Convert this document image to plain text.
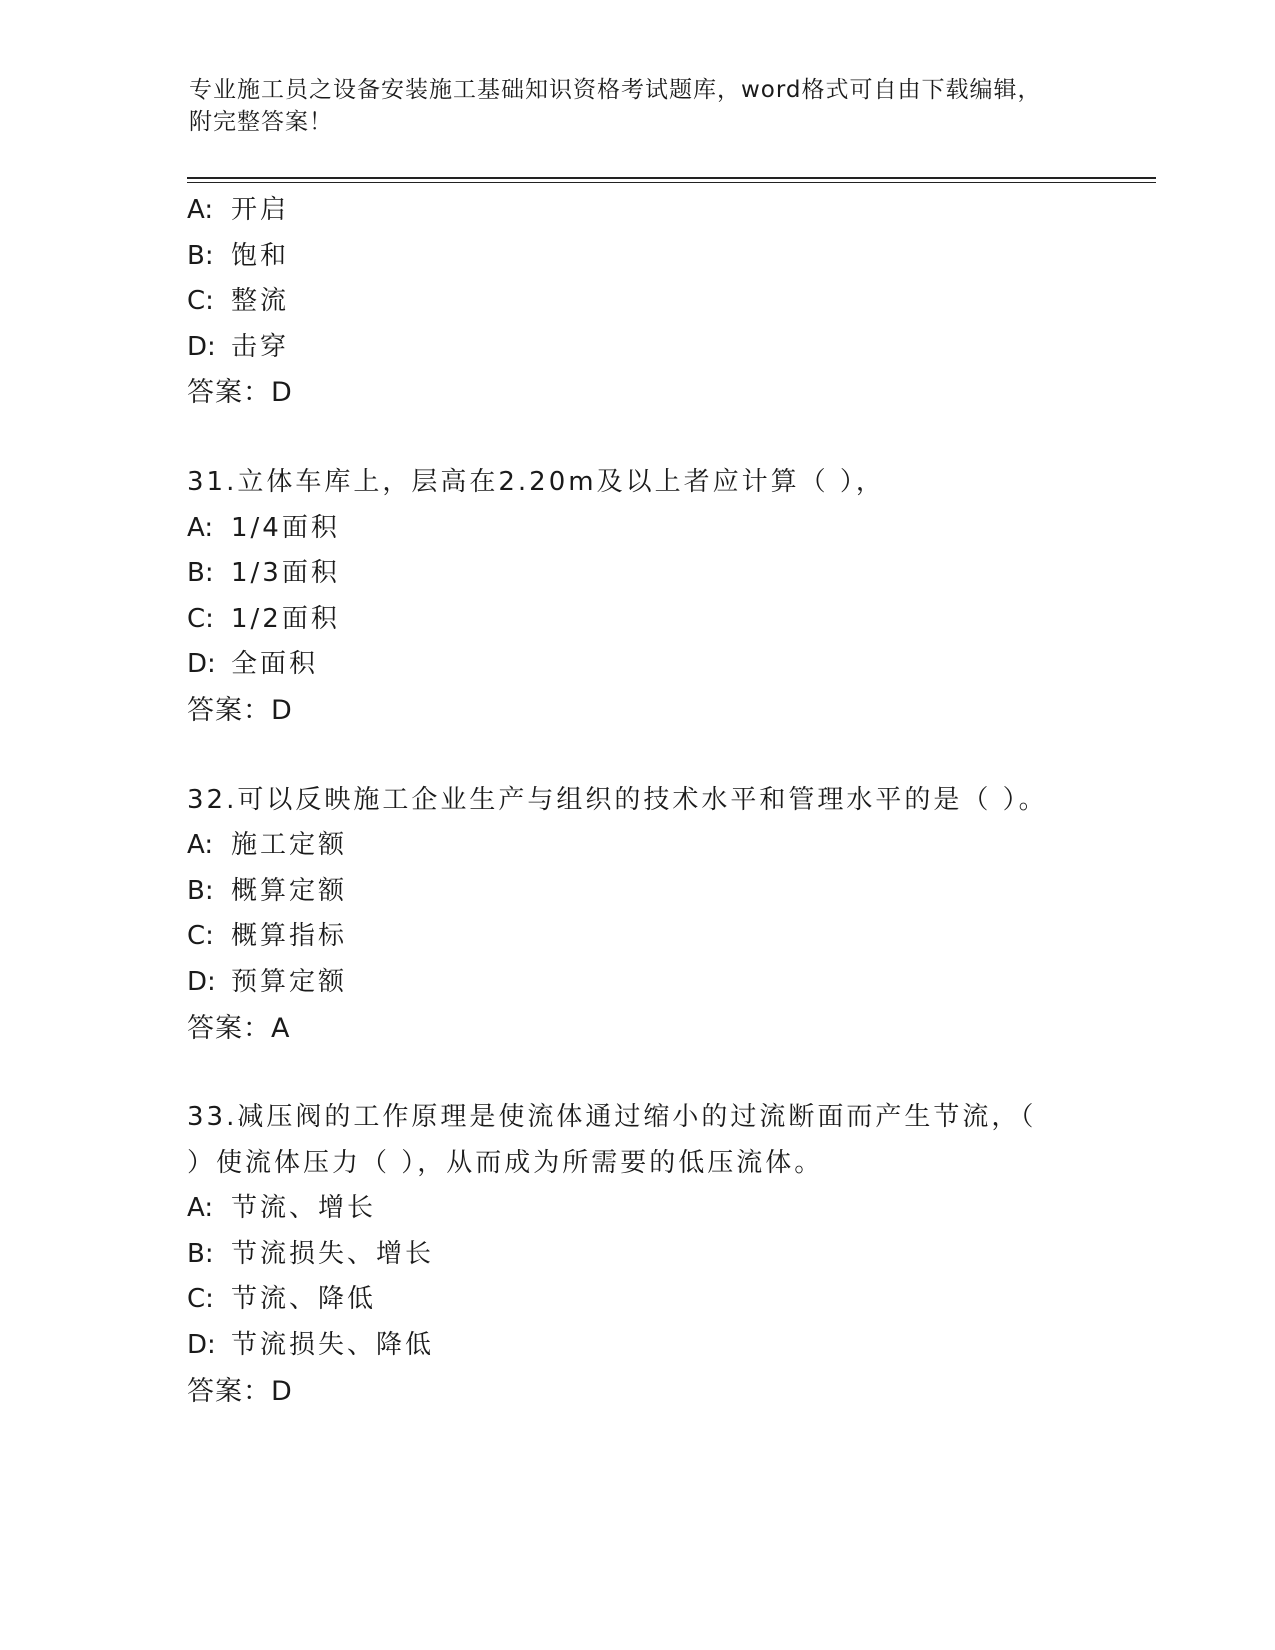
专业施工员之设备安装施工基础知识资格考试题库，word格式可自由下载编辑，
附完整答案！
A: 开启
B: 饱和
C: 整流
D: 击穿
答案：D
31.立体车库上，层高在2.20m及以上者应计算（ ），
A: 1/4面积
B: 1/3面积
C: 1/2面积
D: 全面积
答案：D
32.可以反映施工企业生产与组织的技术水平和管理水平的是（ ）。
A: 施工定额
B: 概算定额
C: 概算指标
D: 预算定额
答案：A
33.减压阀的工作原理是使流体通过缩小的过流断面而产生节流，（
）使流体压力（ ），从而成为所需要的低压流体。
A: 节流、增长
B: 节流损失、增长
C: 节流、降低
D: 节流损失、降低
答案：D
